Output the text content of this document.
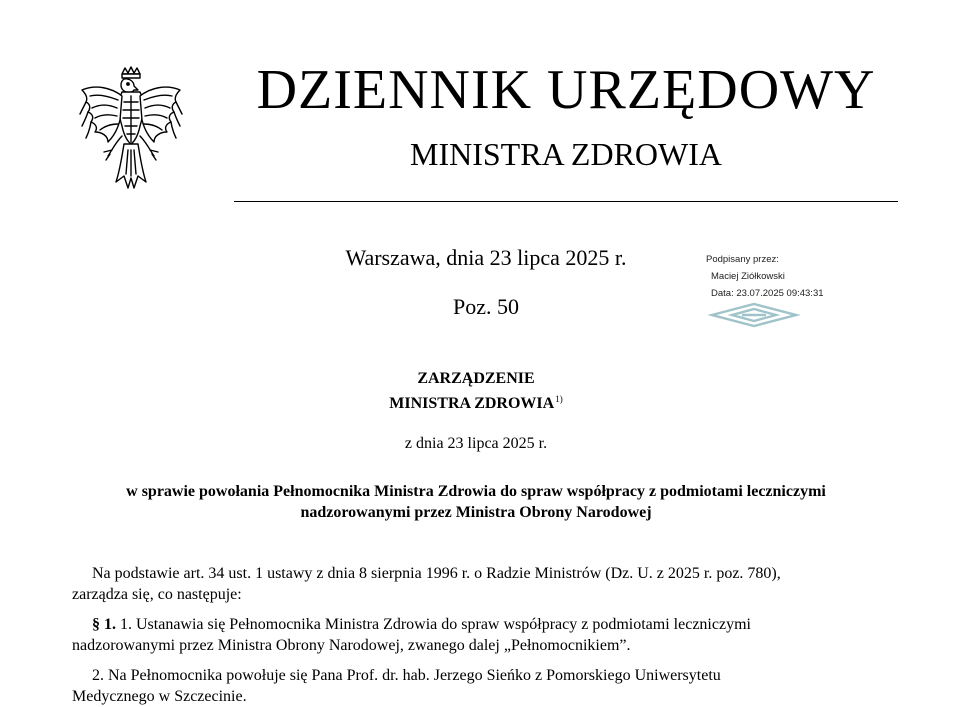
DZIENNIK URZĘDOWY
MINISTRA ZDROWIA
Warszawa, dnia 23 lipca 2025 r.
Poz. 50
Podpisany przez:
Maciej Ziółkowski
Data: 23.07.2025 09:43:31
ZARZĄDZENIE
MINISTRA ZDROWIA$^{1)}$
z dnia 23 lipca 2025 r.
w sprawie powołania Pełnomocnika Ministra Zdrowia do spraw współpracy z podmiotami leczniczymi
nadzorowanymi przez Ministra Obrony Narodowej
Na podstawie art. 34 ust. 1 ustawy z dnia 8 sierpnia 1996 r. o Radzie Ministrów (Dz. U. z 2025 r. poz. 780),
zarządza się, co następuje:
§ 1. 1. Ustanawia się Pełnomocnika Ministra Zdrowia do spraw współpracy z podmiotami leczniczymi
nadzorowanymi przez Ministra Obrony Narodowej, zwanego dalej „Pełnomocnikiem”.
2. Na Pełnomocnika powołuje się Pana Prof. dr. hab. Jerzego Sieńko z Pomorskiego Uniwersytetu
Medycznego w Szczecinie.
